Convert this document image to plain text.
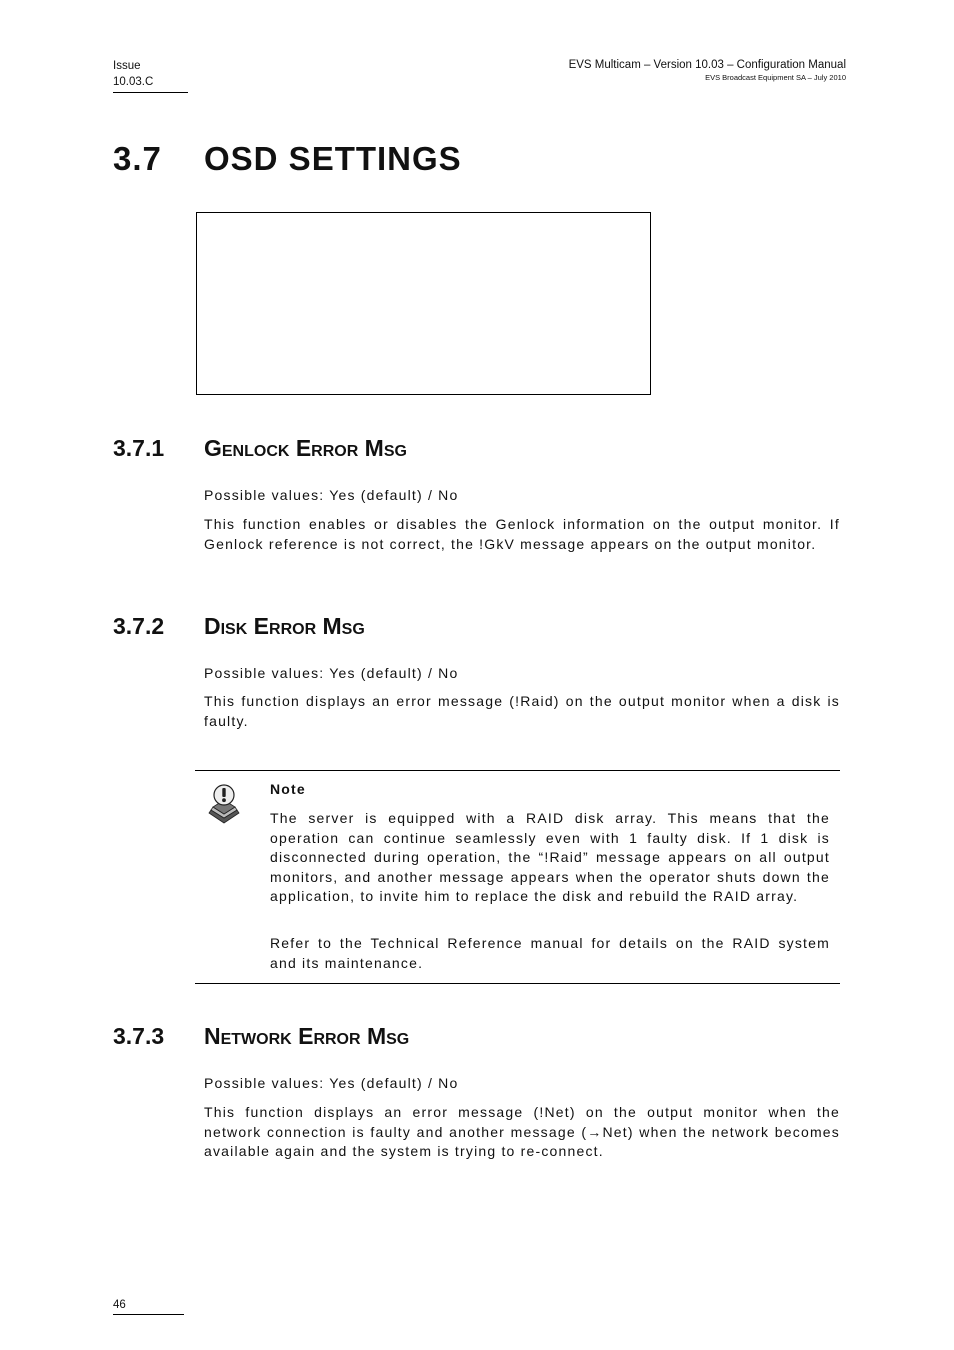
Issue
10.03.C
EVS Multicam – Version 10.03 – Configuration Manual
EVS Broadcast Equipment SA – July 2010
3.7 OSD SETTINGS
3.7.1 Genlock Error Msg
Possible values: Yes (default) / No
This function enables or disables the Genlock information on the output monitor. If Genlock reference is not correct, the !GkV message appears on the output monitor.
3.7.2 Disk Error Msg
Possible values: Yes (default) / No
This function displays an error message (!Raid) on the output monitor when a disk is faulty.
Note
The server is equipped with a RAID disk array. This means that the operation can continue seamlessly even with 1 faulty disk. If 1 disk is disconnected during operation, the “!Raid” message appears on all output monitors, and another message appears when the operator shuts down the application, to invite him to replace the disk and rebuild the RAID array.
Refer to the Technical Reference manual for details on the RAID system and its maintenance.
3.7.3 Network Error Msg
Possible values: Yes (default) / No
This function displays an error message (!Net) on the output monitor when the network connection is faulty and another message (→Net) when the network becomes available again and the system is trying to re-connect.
46
